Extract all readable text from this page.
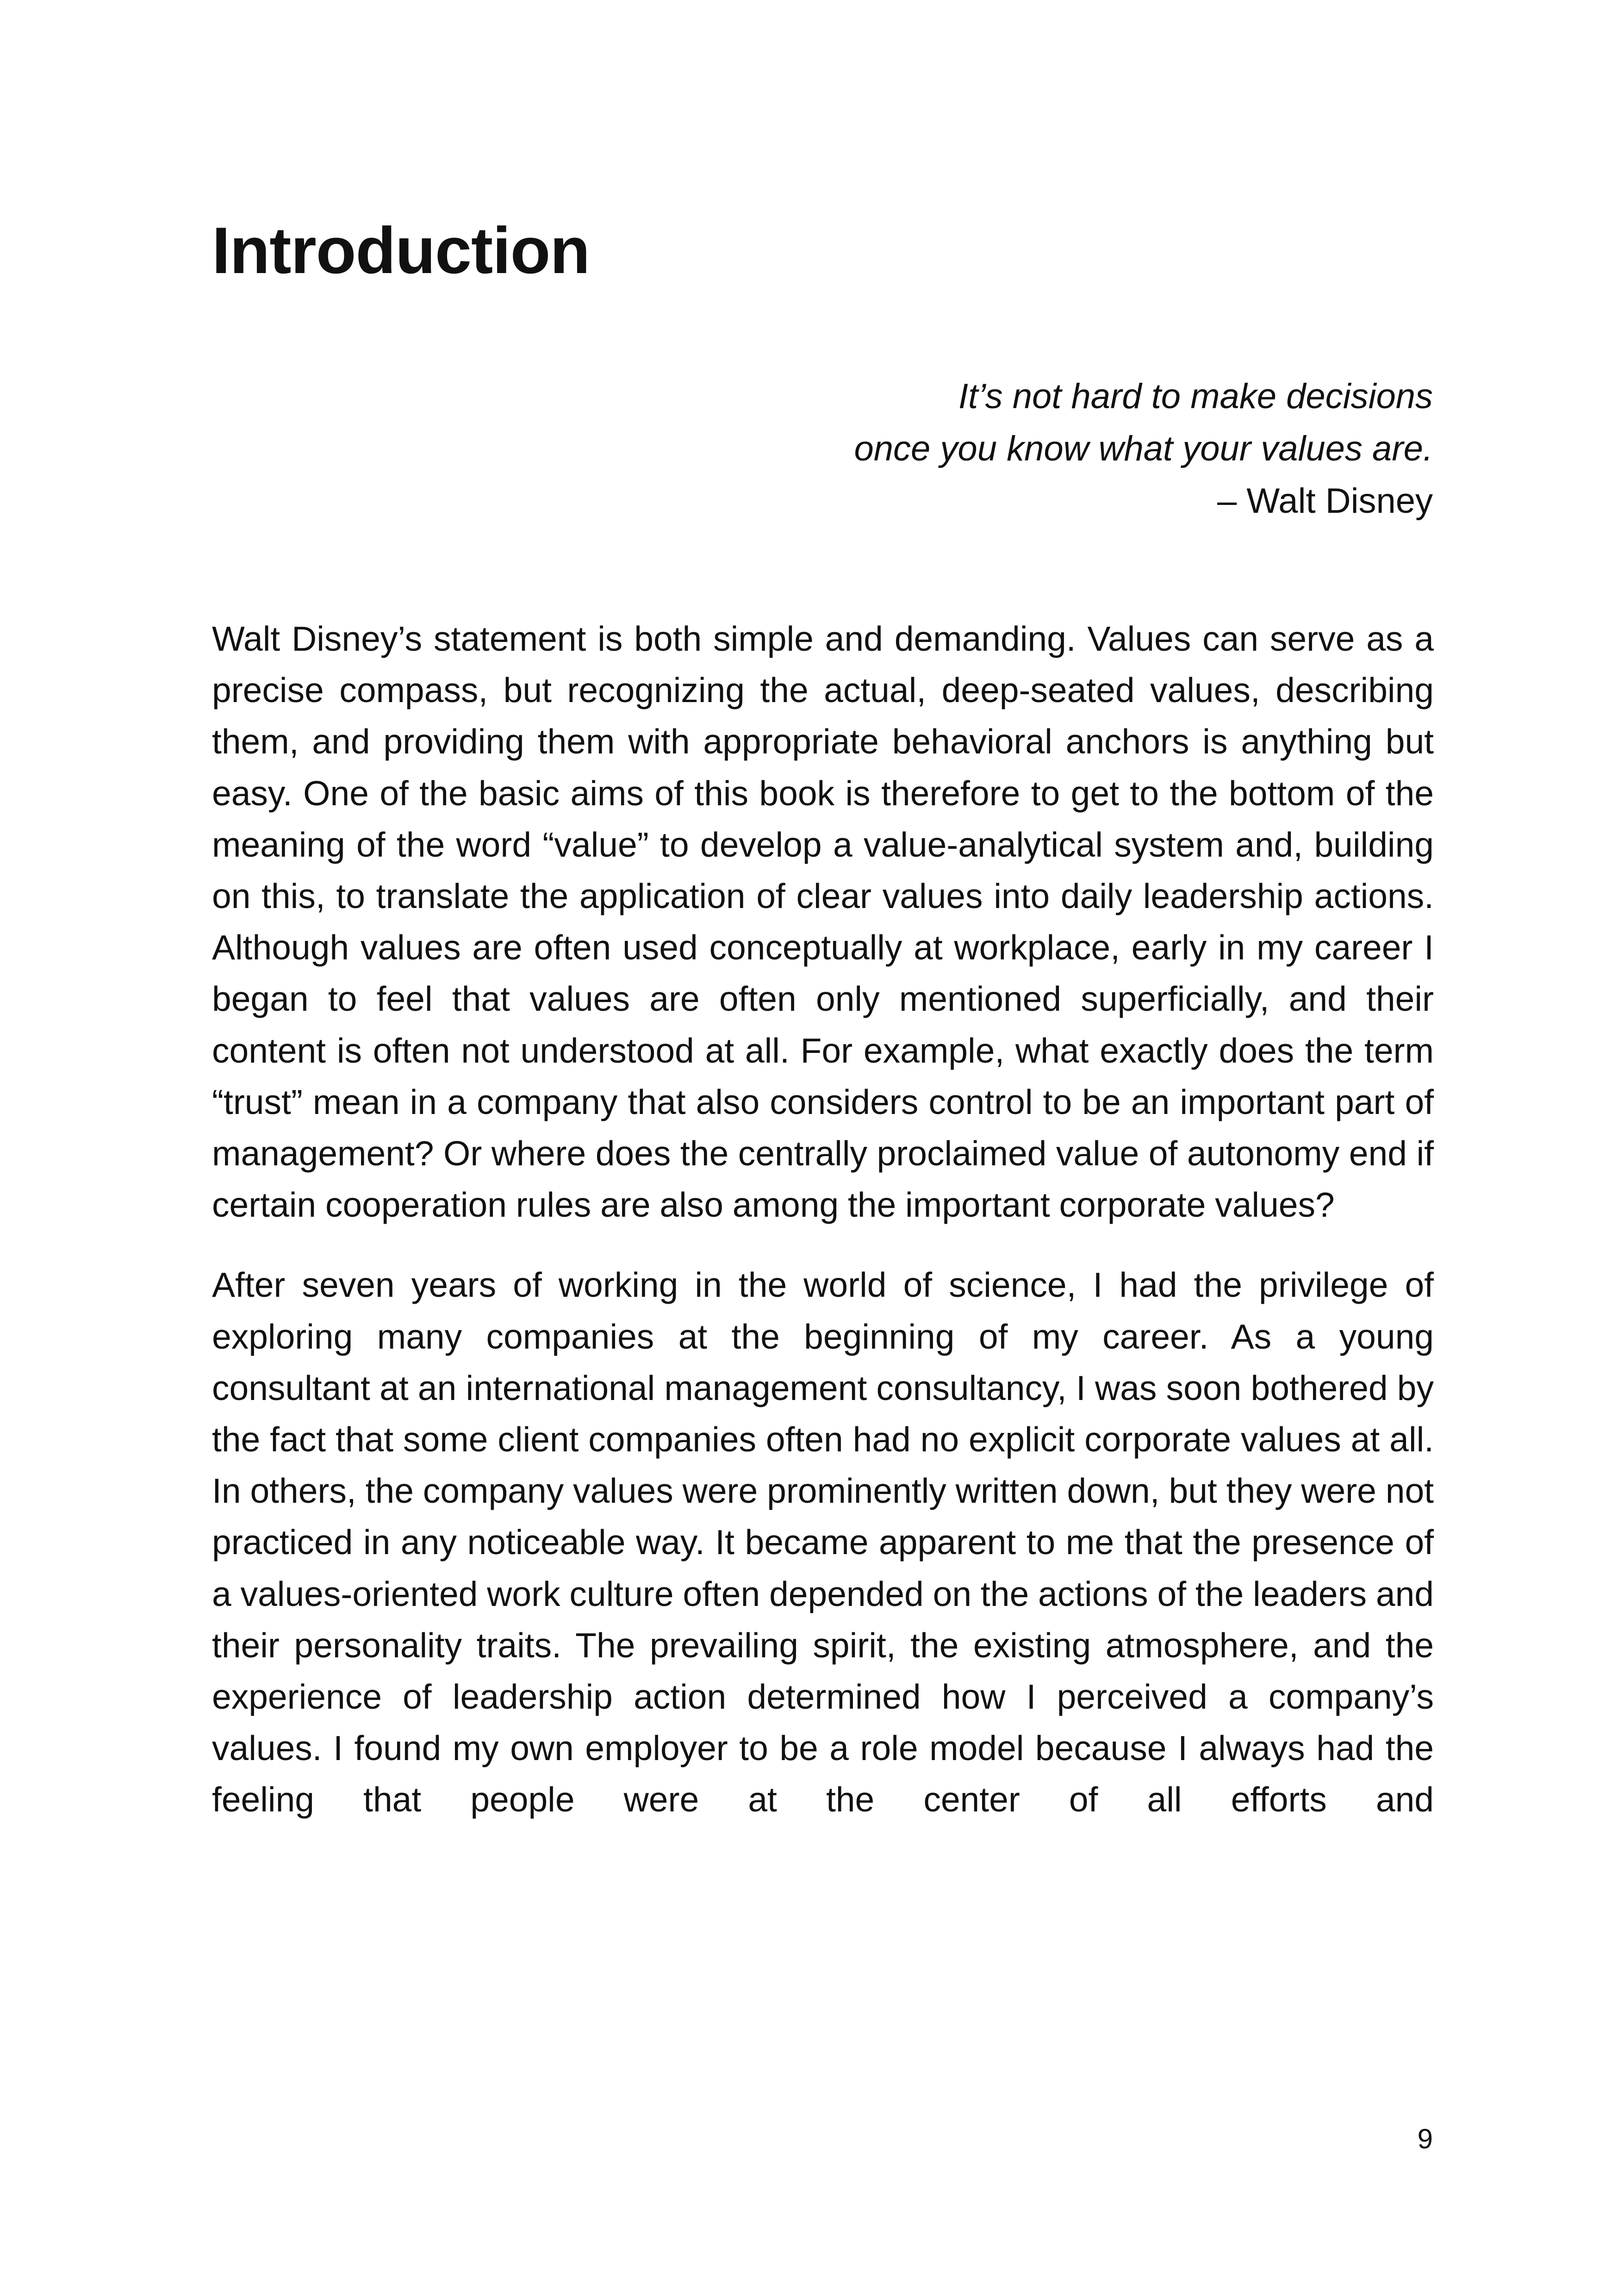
Introduction
It’s not hard to make decisions
once you know what your values are.
– Walt Disney

Walt Disney’s statement is both simple and demanding. Values can serve as a precise compass, but recognizing the actual, deep-seated values, describing them, and providing them with appropriate behavioral anchors is anything but easy. One of the basic aims of this book is therefore to get to the bottom of the meaning of the word “value” to develop a value-analytical system and, building on this, to translate the application of clear values into daily leadership actions. Although values are often used conceptually at workplace, early in my career I began to feel that values are often only mentioned superficially, and their content is often not understood at all. For example, what exactly does the term “trust” mean in a company that also considers control to be an important part of management? Or where does the centrally proclaimed value of autonomy end if certain cooperation rules are also among the important corporate values?

After seven years of working in the world of science, I had the privilege of exploring many companies at the beginning of my career. As a young consultant at an international management consultancy, I was soon bothered by the fact that some client companies often had no explicit corporate values at all. In others, the company values were prominently written down, but they were not practiced in any noticeable way. It became apparent to me that the presence of a values-oriented work culture often depended on the actions of the leaders and their personality traits. The prevailing spirit, the existing atmosphere, and the experience of leadership action determined how I perceived a company’s values. I found my own employer to be a role model because I always had the feeling that people were at the center of all efforts and

9
